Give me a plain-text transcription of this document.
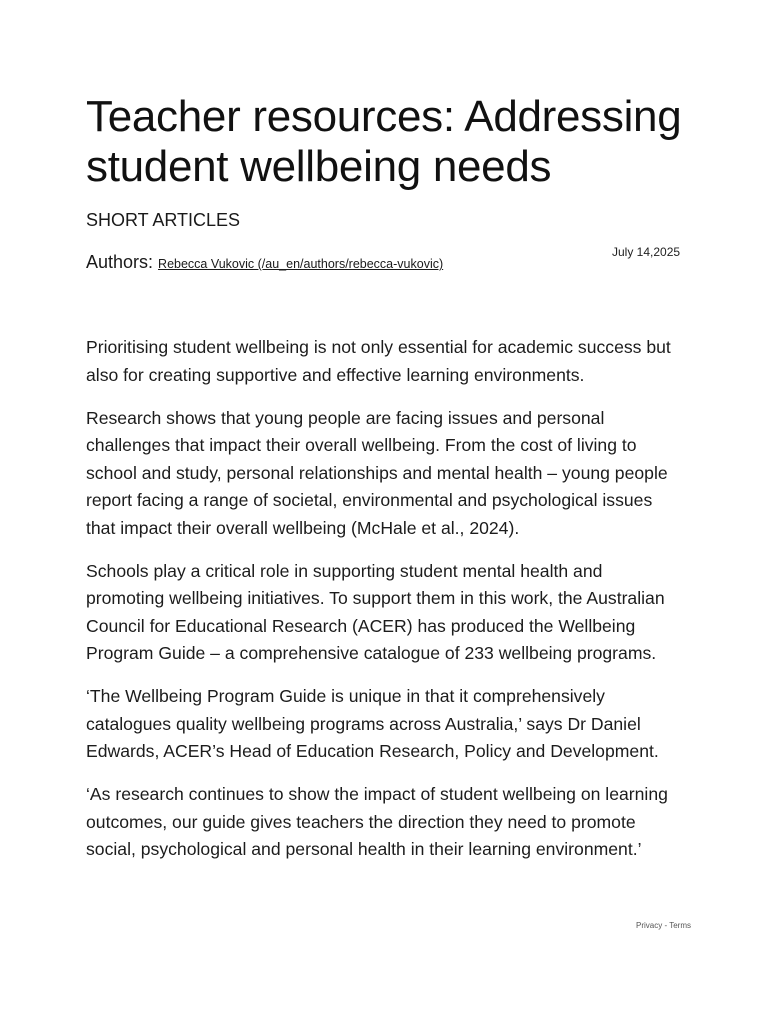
Teacher resources: Addressing student wellbeing needs
SHORT ARTICLES
Authors: Rebecca Vukovic (/au_en/authors/rebecca-vukovic)
July 14,2025

Prioritising student wellbeing is not only essential for academic success but also for creating supportive and effective learning environments.

Research shows that young people are facing issues and personal challenges that impact their overall wellbeing. From the cost of living to school and study, personal relationships and mental health – young people report facing a range of societal, environmental and psychological issues that impact their overall wellbeing (McHale et al., 2024).

Schools play a critical role in supporting student mental health and promoting wellbeing initiatives. To support them in this work, the Australian Council for Educational Research (ACER) has produced the Wellbeing Program Guide – a comprehensive catalogue of 233 wellbeing programs.

‘The Wellbeing Program Guide is unique in that it comprehensively catalogues quality wellbeing programs across Australia,’ says Dr Daniel Edwards, ACER’s Head of Education Research, Policy and Development.

‘As research continues to show the impact of student wellbeing on learning outcomes, our guide gives teachers the direction they need to promote social, psychological and personal health in their learning environment.’

Privacy - Terms
